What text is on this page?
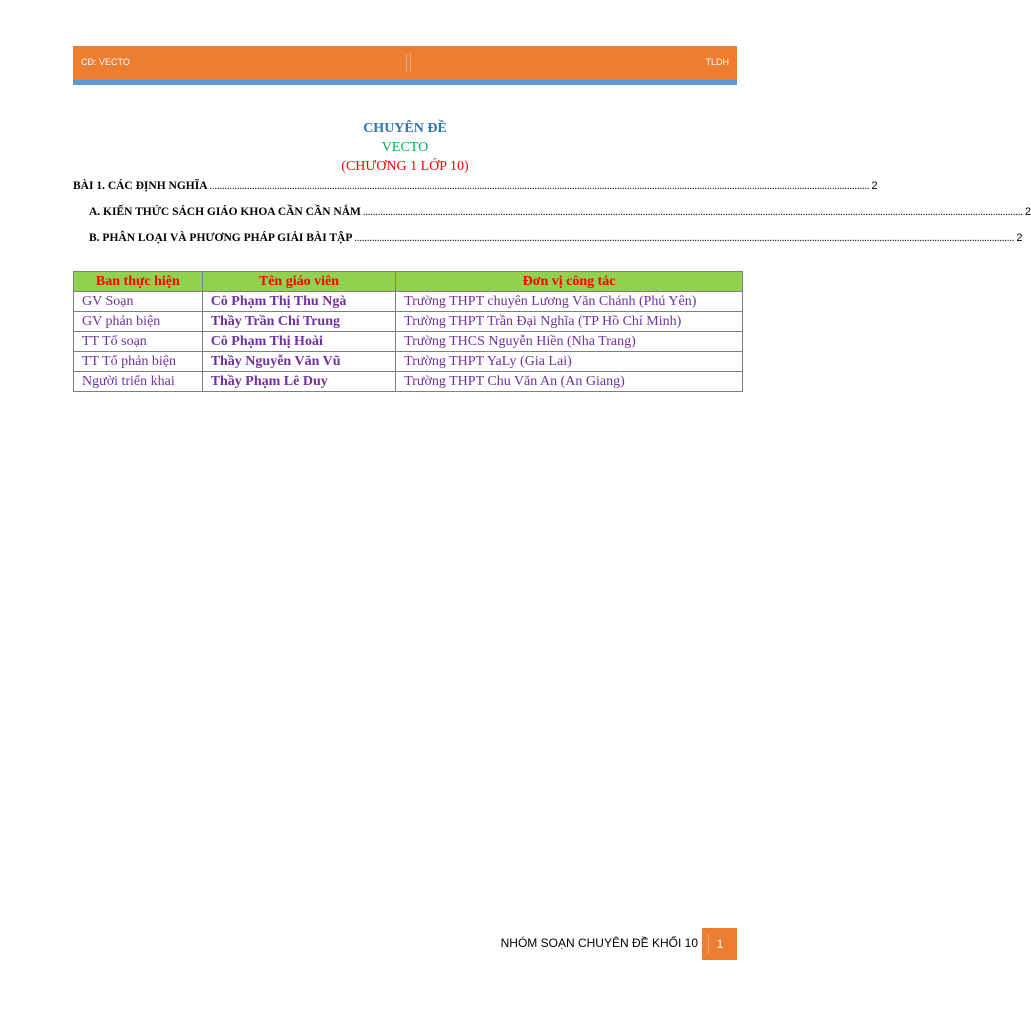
CĐ: VECTO	TLDH
CHUYÊN ĐỀ
VECTO
(CHƯƠNG 1 LỚP 10)
BÀI 1. CÁC ĐỊNH NGHĨA ........................................................................................................................................................................................................................................................................ 2
A. KIẾN THỨC SÁCH GIÁO KHOA CẦN CẦN NẮM ........................................................................................................................................................................................................................................................................ 2
B. PHÂN LOẠI VÀ PHƯƠNG PHÁP GIẢI BÀI TẬP ........................................................................................................................................................................................................................................................................ 2
Ban thực hiện	Tên giáo viên	Đơn vị công tác
GV Soạn	Cô Phạm Thị Thu Ngà	Trường THPT chuyên Lương Văn Chánh (Phú Yên)
GV phản biện	Thầy Trần Chí Trung	Trường THPT Trần Đại Nghĩa (TP Hồ Chí Minh)
TT Tổ soạn	Cô Phạm Thị Hoài	Trường THCS Nguyễn Hiền (Nha Trang)
TT Tổ phản biện	Thầy Nguyễn Văn Vũ	Trường THPT YaLy (Gia Lai)
Người triển khai	Thầy Phạm Lê Duy	Trường THPT Chu Văn An (An Giang)
NHÓM SOẠN CHUYÊN ĐỀ KHỐI 10	1
